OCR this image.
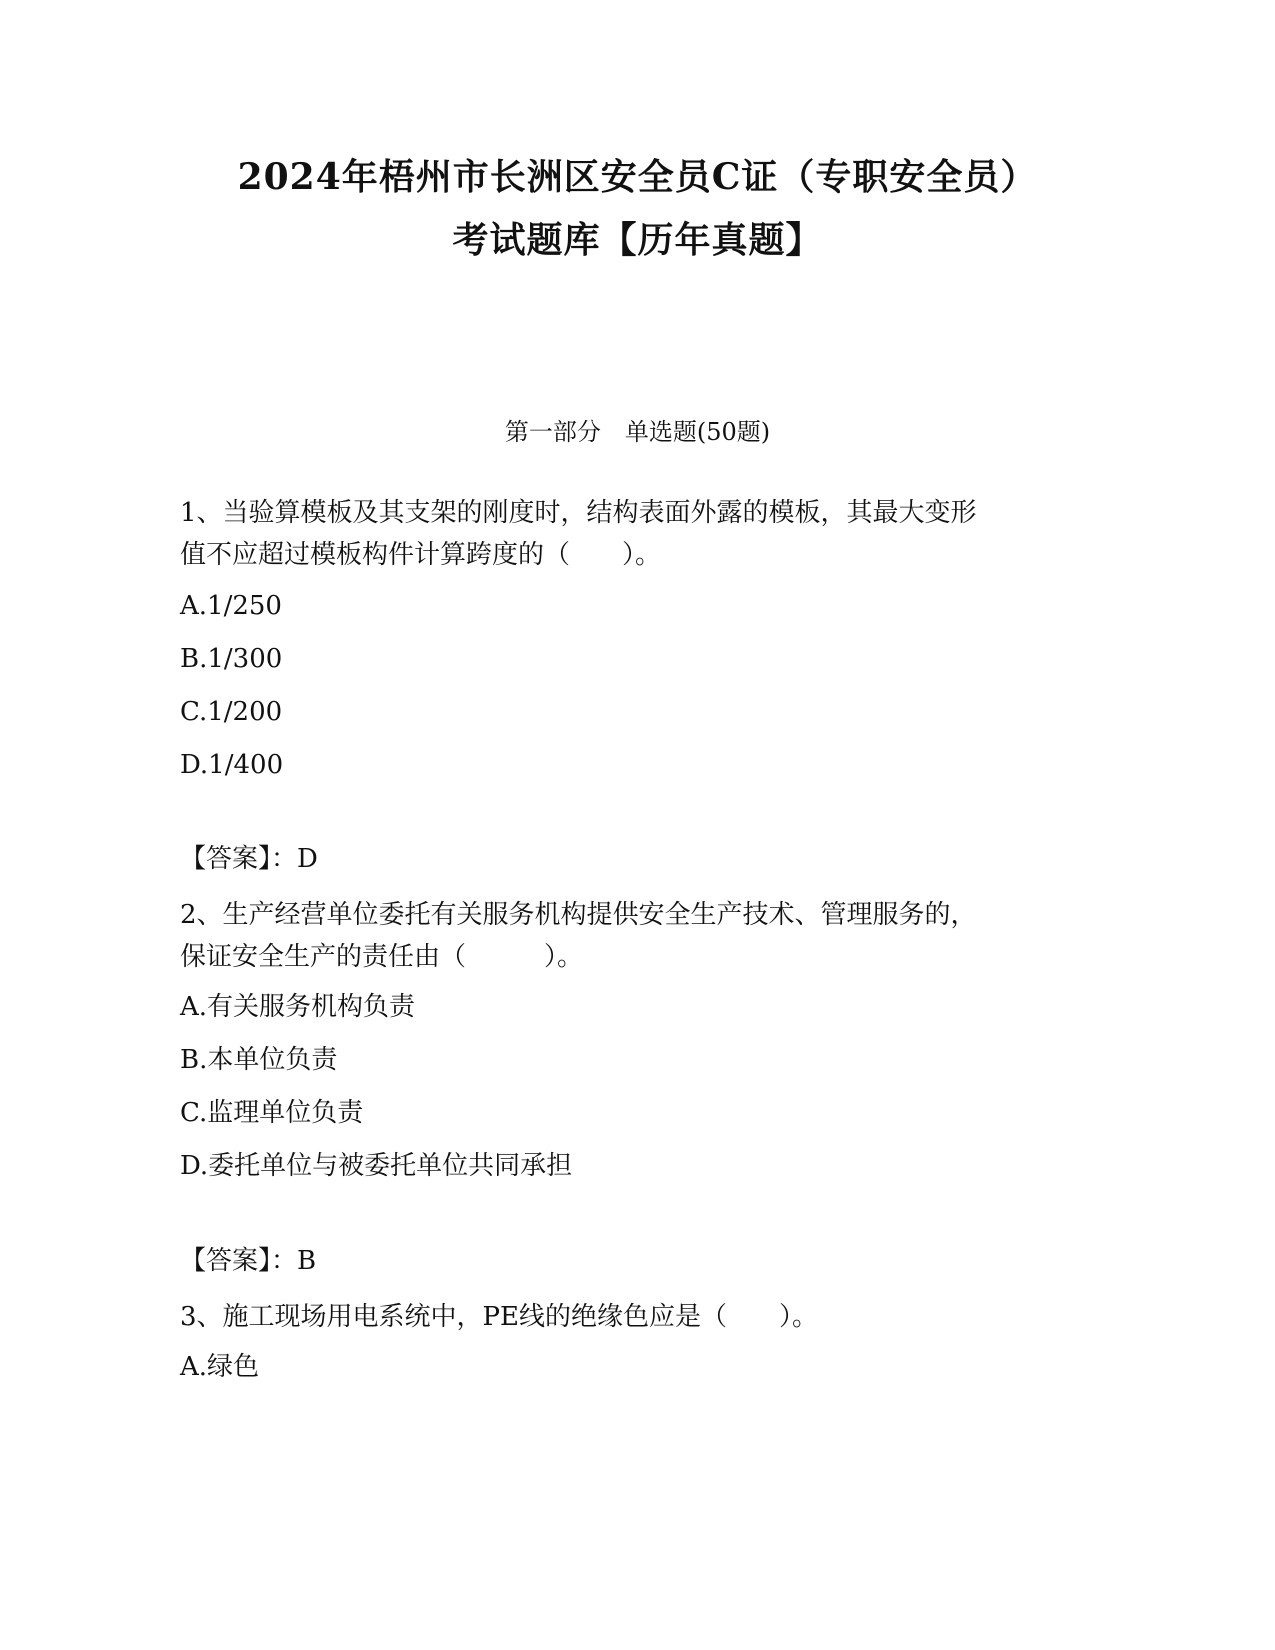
2024年梧州市长洲区安全员C证（专职安全员）
考试题库【历年真题】
第一部分　单选题(50题)
1、当验算模板及其支架的刚度时，结构表面外露的模板，其最大变形
值不应超过模板构件计算跨度的（　　）。
A.1/250
B.1/300
C.1/200
D.1/400
【答案】：D
2、生产经营单位委托有关服务机构提供安全生产技术、管理服务的，
保证安全生产的责任由（　　　）。
A.有关服务机构负责
B.本单位负责
C.监理单位负责
D.委托单位与被委托单位共同承担
【答案】：B
3、施工现场用电系统中，PE线的绝缘色应是（　　）。
A.绿色
